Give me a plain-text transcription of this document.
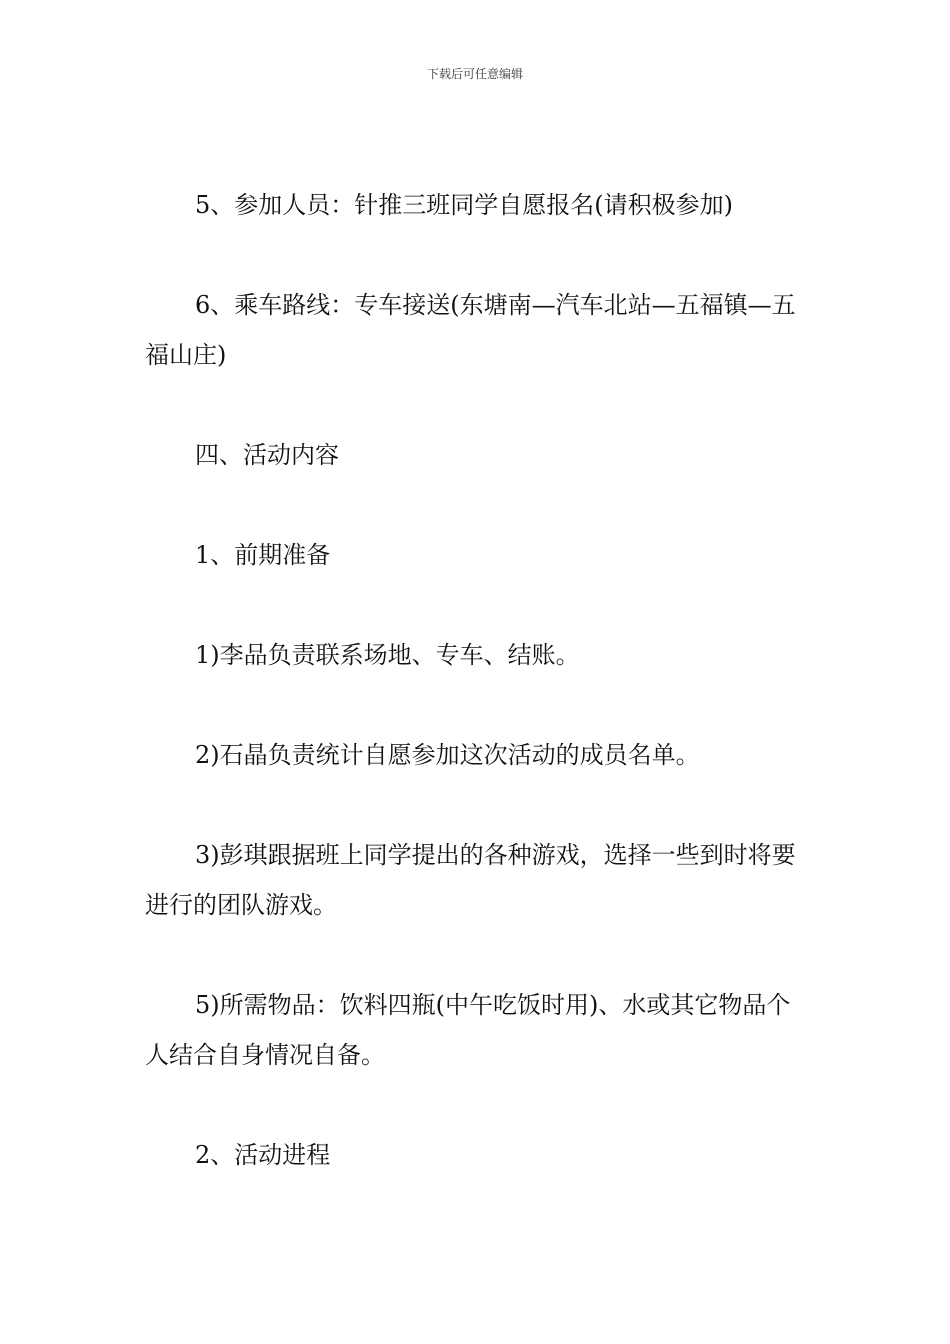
下载后可任意编辑

5、参加人员：针推三班同学自愿报名(请积极参加)

6、乘车路线：专车接送(东塘南—汽车北站—五福镇—五福山庄)

四、活动内容

1、前期准备

1)李品负责联系场地、专车、结账。

2)石晶负责统计自愿参加这次活动的成员名单。

3)彭琪跟据班上同学提出的各种游戏，选择一些到时将要进行的团队游戏。

5)所需物品：饮料四瓶(中午吃饭时用)、水或其它物品个人结合自身情况自备。

2、活动进程
